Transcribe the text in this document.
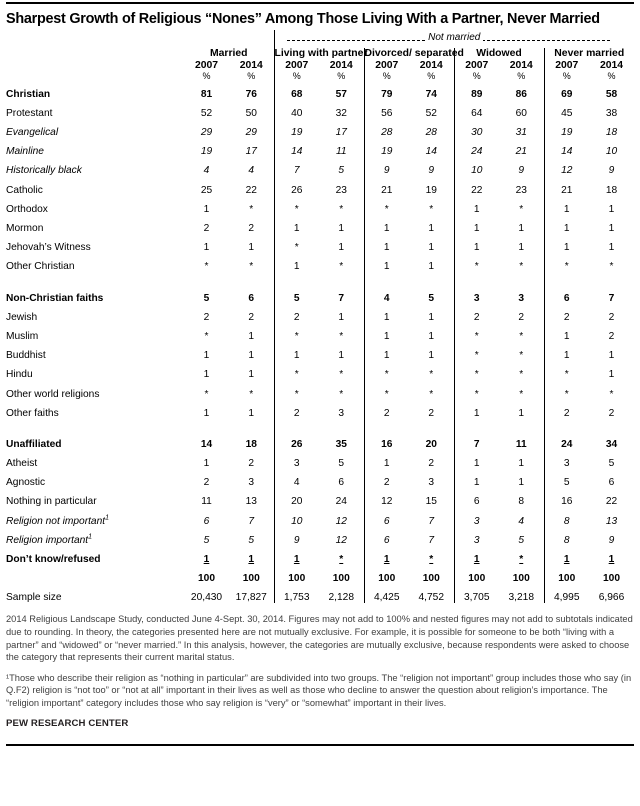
Sharpest Growth of Religious “Nones” Among Those Living With a Partner, Never Married

			Not married							

	Married		Living with partner		Divorced/ separated		Widowed		Never married	
	2007	2014	2007	2014	2007	2014	2007	2014	2007	2014
	%	%	%	%	%	%	%	%	%	%
Christian	81	76	68	57	79	74	89	86	69	58
Protestant	52	50	40	32	56	52	64	60	45	38
Evangelical	29	29	19	17	28	28	30	31	19	18
Mainline	19	17	14	11	19	14	24	21	14	10
Historically black	4	4	7	5	9	9	10	9	12	9
Catholic	25	22	26	23	21	19	22	23	21	18
Orthodox	1	*	*	*	*	*	1	*	1	1
Mormon	2	2	1	1	1	1	1	1	1	1
Jehovah’s Witness	1	1	*	1	1	1	1	1	1	1
Other Christian	*	*	1	*	1	1	*	*	*	*

Non-Christian faiths	5	6	5	7	4	5	3	3	6	7
Jewish	2	2	2	1	1	1	2	2	2	2
Muslim	*	1	*	*	1	1	*	*	1	2
Buddhist	1	1	1	1	1	1	*	*	1	1
Hindu	1	1	*	*	*	*	*	*	*	1
Other world religions	*	*	*	*	*	*	*	*	*	*
Other faiths	1	1	2	3	2	2	1	1	2	2

Unaffiliated	14	18	26	35	16	20	7	11	24	34
Atheist	1	2	3	5	1	2	1	1	3	5
Agnostic	2	3	4	6	2	3	1	1	5	6
Nothing in particular	11	13	20	24	12	15	6	8	16	22
Religion not important$^1$	6	7	10	12	6	7	3	4	8	13
Religion important$^1$	5	5	9	12	6	7	3	5	8	9
Don’t know/refused	1	1	1	*	1	*	1	*	1	1
	100	100	100	100	100	100	100	100	100	100
Sample size	20,430	17,827	1,753	2,128	4,425	4,752	3,705	3,218	4,995	6,966

2014 Religious Landscape Study, conducted June 4-Sept. 30, 2014. Figures may not add to 100% and nested figures may not add to subtotals indicated due to rounding. In theory, the categories presented here are not mutually exclusive. For example, it is possible for someone to be both “living with a partner” and “widowed” or “never married.” In this analysis, however, the categories are mutually exclusive, because respondents were asked to choose the category that represents their current marital status.

¹Those who describe their religion as “nothing in particular” are subdivided into two groups. The “religion not important” group includes those who say (in Q.F2) religion is “not too” or “not at all” important in their lives as well as those who decline to answer the question about religion’s importance. The “religion important” category includes those who say religion is “very” or “somewhat” important in their lives.

PEW RESEARCH CENTER
